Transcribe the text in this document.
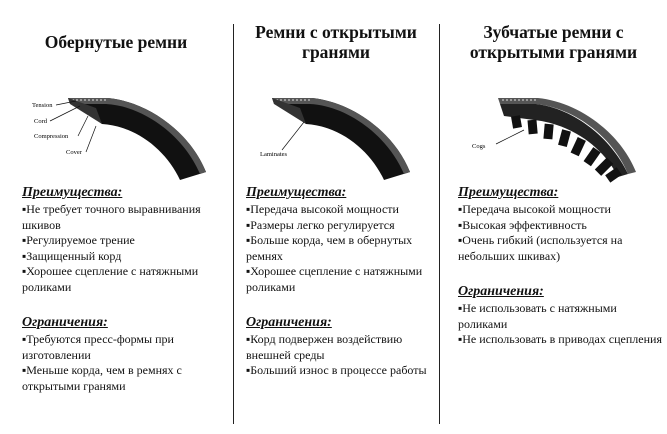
Обернутые ремни
Tension
Cord
Compression
Cover
Преимущества:
▪Не требует точного выравнивания шкивов
▪Регулируемое трение
▪Защищенный корд
▪Хорошее сцепление с натяжными роликами
Ограничения:
▪Требуются пресс-формы при изготовлении
▪Меньше корда, чем в ремнях с открытыми гранями
Ремни с открытыми гранями
Laminates
Преимущества:
▪Передача высокой мощности
▪Размеры легко регулируется
▪Больше корда, чем в обернутых ремнях
▪Хорошее сцепление с натяжными роликами
Ограничения:
▪Корд подвержен воздействию внешней среды
▪Больший износ в процессе работы
Зубчатые ремни с открытыми гранями
Cogs
Преимущества:
▪Передача высокой мощности
▪Высокая эффективность
▪Очень гибкий (используется на небольших шкивах)
Ограничения:
▪Не использовать с натяжными роликами
▪Не использовать в приводах сцепления
